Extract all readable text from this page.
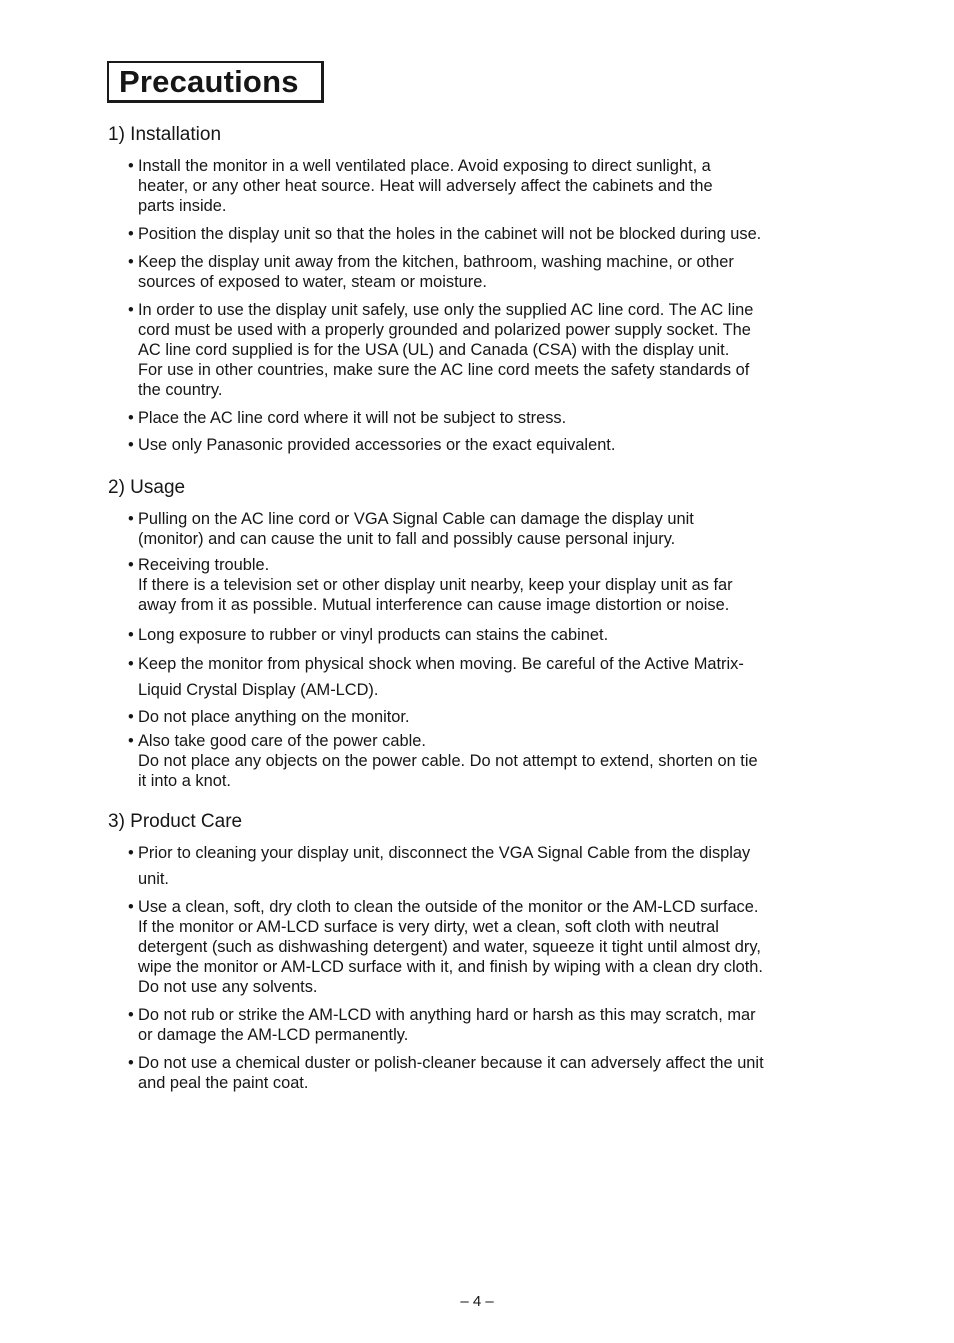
Precautions
1) Installation
• Install the monitor in a well ventilated place. Avoid exposing to direct sunlight, a
heater, or any other heat source. Heat will adversely affect the cabinets and the
parts inside.
• Position the display unit so that the holes in the cabinet will not be blocked during use.
• Keep the display unit away from the kitchen, bathroom, washing machine, or other
sources of exposed to water, steam or moisture.
• In order to use the display unit safely, use only the supplied AC line cord. The AC line
cord must be used with a properly grounded and polarized power supply socket. The
AC line cord supplied is for the USA (UL) and Canada (CSA) with the display unit.
For use in other countries, make sure the AC line cord meets the safety standards of
the country.
• Place the AC line cord where it will not be subject to stress.
• Use only Panasonic provided accessories or the exact equivalent.
2) Usage
• Pulling on the AC line cord or VGA Signal Cable can damage the display unit
(monitor) and can cause the unit to fall and possibly cause personal injury.
• Receiving trouble.
If there is a television set or other display unit nearby, keep your display unit as far
away from it as possible. Mutual interference can cause image distortion or noise.
• Long exposure to rubber or vinyl products can stains the cabinet.
• Keep the monitor from physical shock when moving. Be careful of the Active Matrix-
Liquid Crystal Display (AM-LCD).
• Do not place anything on the monitor.
• Also take good care of the power cable.
Do not place any objects on the power cable. Do not attempt to extend, shorten on tie
it into a knot.
3) Product Care
• Prior to cleaning your display unit, disconnect the VGA Signal Cable from the display
unit.
• Use a clean, soft, dry cloth to clean the outside of the monitor or the AM-LCD surface.
If the monitor or AM-LCD surface is very dirty, wet a clean, soft cloth with neutral
detergent (such as dishwashing detergent) and water, squeeze it tight until almost dry,
wipe the monitor or AM-LCD surface with it, and finish by wiping with a clean dry cloth.
Do not use any solvents.
• Do not rub or strike the AM-LCD with anything hard or harsh as this may scratch, mar
or damage the AM-LCD permanently.
• Do not use a chemical duster or polish-cleaner because it can adversely affect the unit
and peal the paint coat.
– 4 –
